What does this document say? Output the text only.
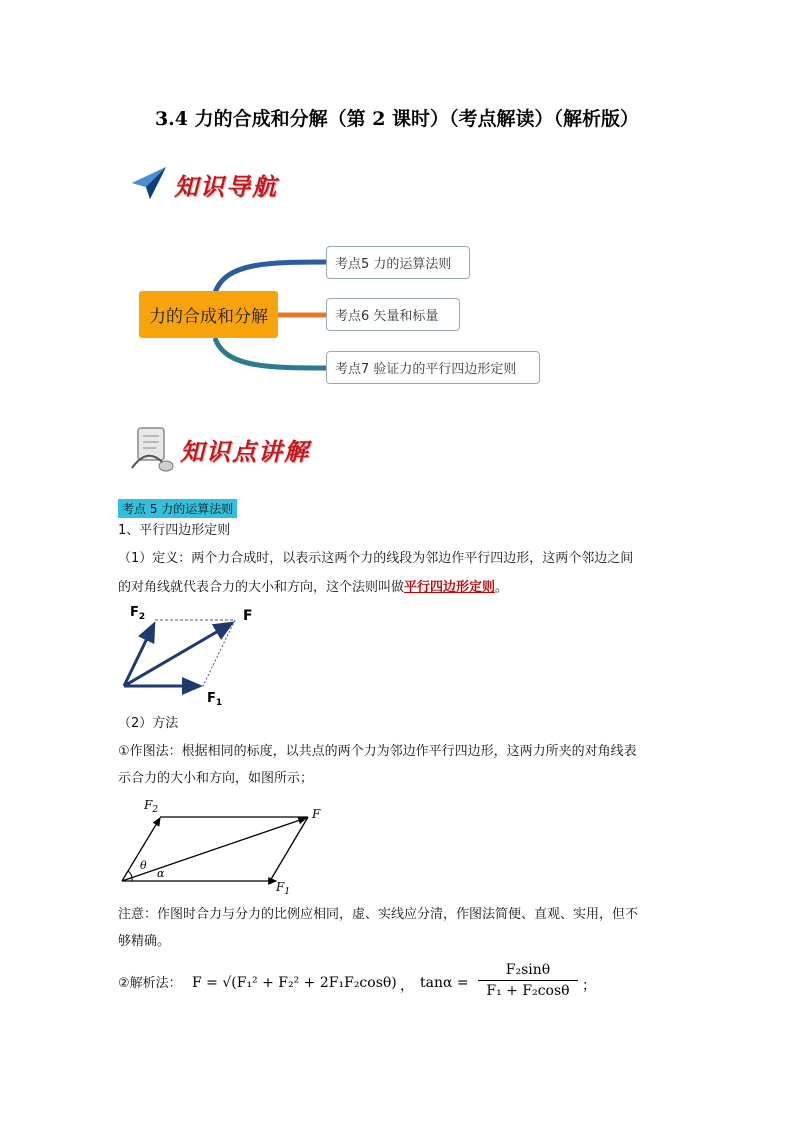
3.4 力的合成和分解（第 2 课时）（考点解读）（解析版）
知识导航
力的合成和分解
考点5 力的运算法则
考点6 矢量和标量
考点7 验证力的平行四边形定则
知识点讲解
考点 5 力的运算法则
1、平行四边形定则
（1）定义：两个力合成时，以表示这两个力的线段为邻边作平行四边形，这两个邻边之间
的对角线就代表合力的大小和方向，这个法则叫做平行四边形定则。
$F_2$	F
$F_1$
（2）方法
①作图法：根据相同的标度，以共点的两个力为邻边作平行四边形，这两力所夹的对角线表
示合力的大小和方向，如图所示；
$F_2$	F
$F_1$
θ
α
注意：作图时合力与分力的比例应相同，虚、实线应分清，作图法简便、直观、实用，但不
够精确。
②解析法： F = √(F₁² + F₂² + 2F₁F₂cosθ) ， $\tan\alpha = \frac{\text{F₂sinθ}}{\text{F₁ + F₂cosθ}}$ ；
